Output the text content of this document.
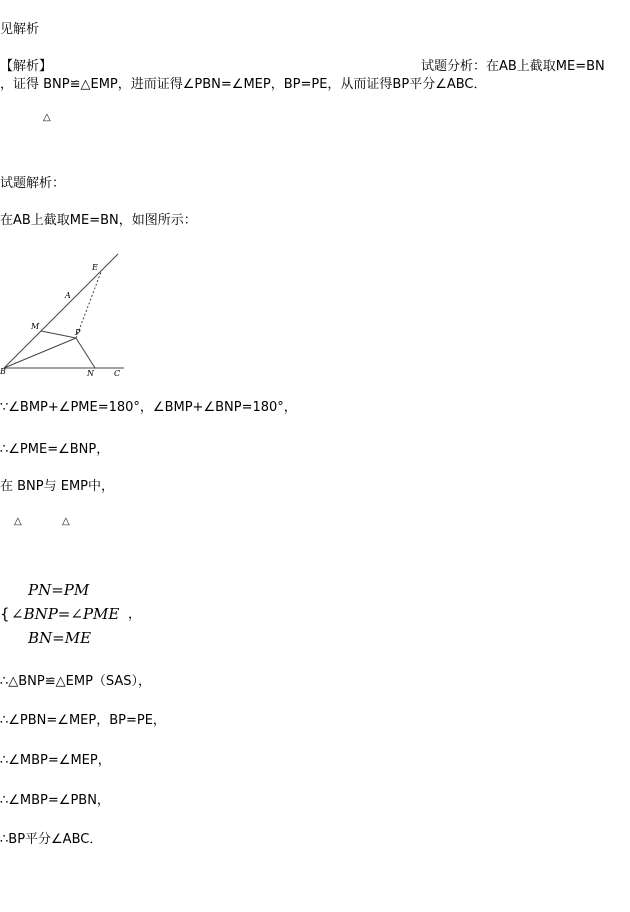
见解析
【解析】	试题分析：在AB上截取ME=BN
，证得 BNP≌△EMP，进而证得∠PBN=∠MEP，BP=PE，从而证得BP平分∠ABC．
△
试题解析：
在AB上截取ME=BN，如图所示：
E
A
M
P
B	N	C
∵∠BMP+∠PME=180°，∠BMP+∠BNP=180°，
∴∠PME=∠BNP，
在 BNP与 EMP中，
△	△
PN=PM
{ ∠BNP=∠PME ，
BN=ME
∴△BNP≌△EMP（SAS），
∴∠PBN=∠MEP，BP=PE，
∴∠MBP=∠MEP，
∴∠MBP=∠PBN，
∴BP平分∠ABC．
